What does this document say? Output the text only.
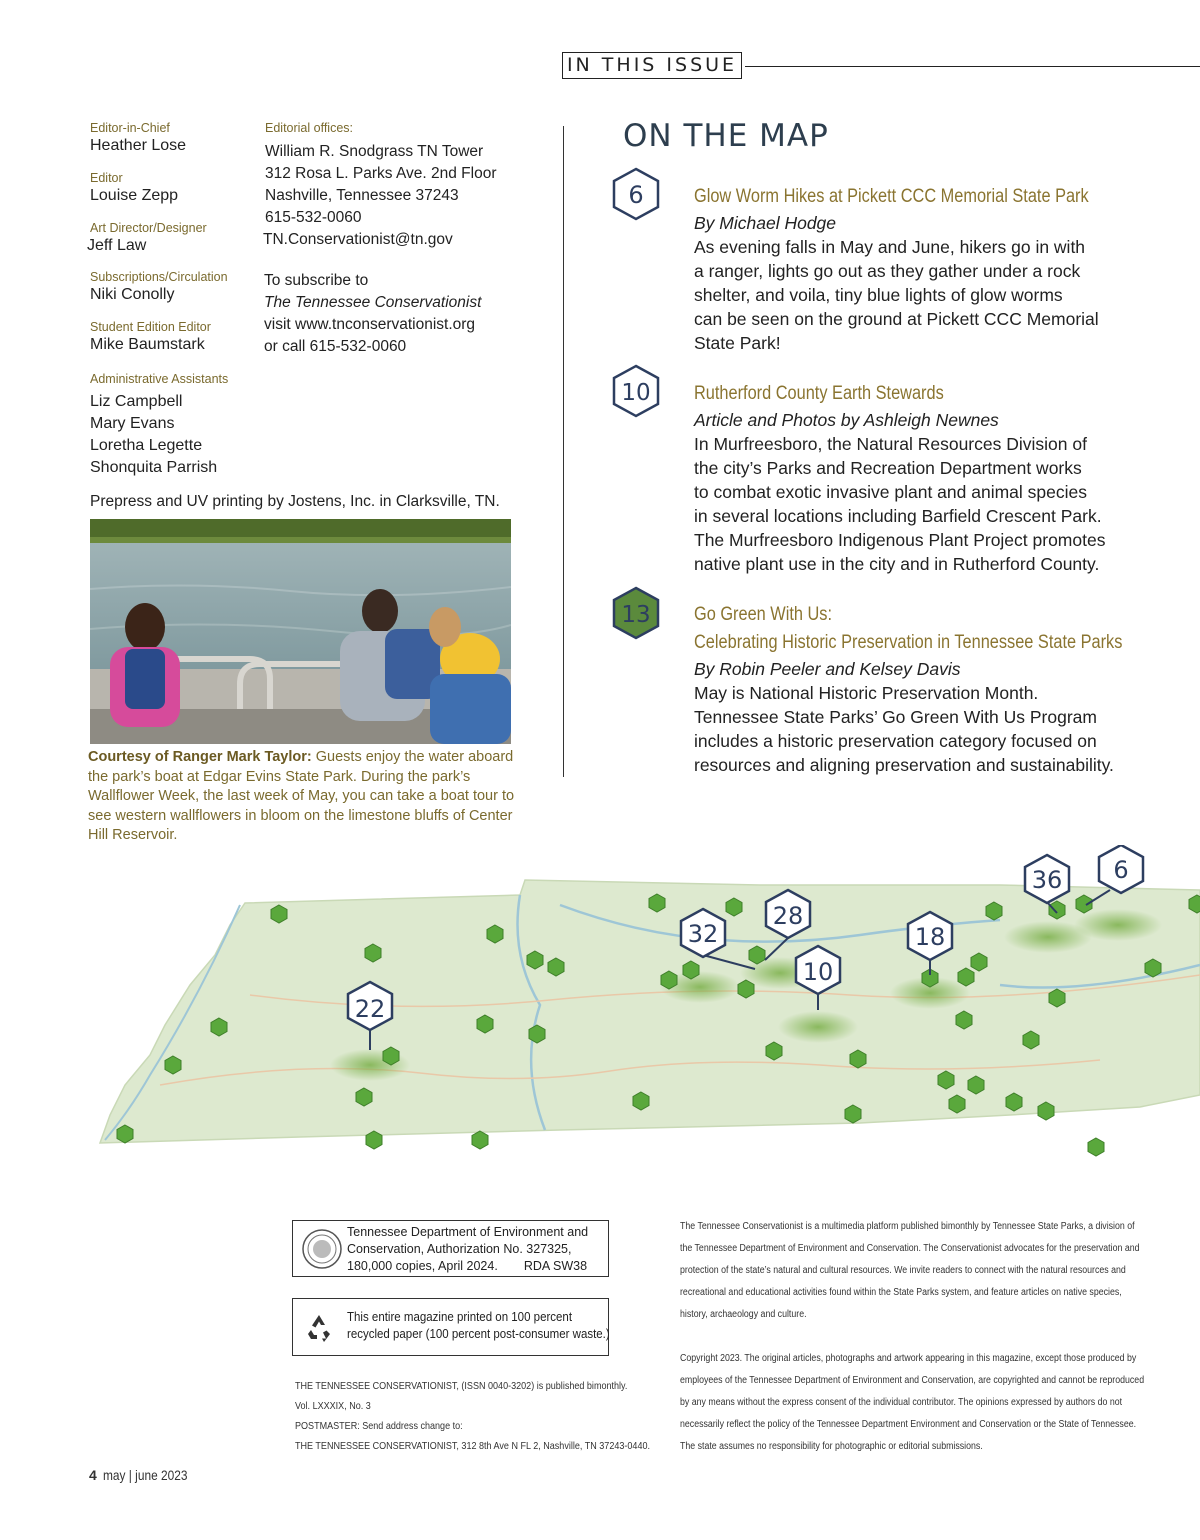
IN THIS ISSUE
Editor-in-Chief
Heather Lose
Editor
Louise Zepp
Art Director/Designer
Jeff Law
Subscriptions/Circulation
Niki Conolly
Student Edition Editor
Mike Baumstark
Administrative Assistants
Liz Campbell
Mary Evans
Loretha Legette
Shonquita Parrish
Editorial offices:
William R. Snodgrass TN Tower
312 Rosa L. Parks Ave. 2nd Floor
Nashville, Tennessee 37243
615-532-0060
TN.Conservationist@tn.gov
To subscribe to
The Tennessee Conservationist
visit www.tnconservationist.org
or call 615-532-0060
Prepress and UV printing by Jostens, Inc. in Clarksville, TN.
Courtesy of Ranger Mark Taylor: Guests enjoy the water aboard the park’s boat at Edgar Evins State Park. During the park’s Wallflower Week, the last week of May, you can take a boat tour to see western wallflowers in bloom on the limestone bluffs of Center Hill Reservoir.
ON THE MAP
6	Glow Worm Hikes at Pickett CCC Memorial State Park
By Michael Hodge
As evening falls in May and June, hikers go in with
a ranger, lights go out as they gather under a rock
shelter, and voila, tiny blue lights of glow worms
can be seen on the ground at Pickett CCC Memorial
State Park!
10 Rutherford County Earth Stewards
Article and Photos by Ashleigh Newnes
In Murfreesboro, the Natural Resources Division of
the city’s Parks and Recreation Department works
to combat exotic invasive plant and animal species
in several locations including Barfield Crescent Park.
The Murfreesboro Indigenous Plant Project promotes
native plant use in the city and in Rutherford County.
13 Go Green With Us:
Celebrating Historic Preservation in Tennessee State Parks
By Robin Peeler and Kelsey Davis
May is National Historic Preservation Month.
Tennessee State Parks’ Go Green With Us Program
includes a historic preservation category focused on
resources and aligning preservation and sustainability.
22
32
28
10
18
36 6
Tennessee Department of Environment and
Conservation, Authorization No. 327325,
180,000 copies, April 2024. RDA SW38
This entire magazine printed on 100 percent
recycled paper (100 percent post-consumer waste.)
THE TENNESSEE CONSERVATIONIST, (ISSN 0040-3202) is published bimonthly.
Vol. LXXXIX, No. 3
POSTMASTER: Send address change to:
THE TENNESSEE CONSERVATIONIST, 312 8th Ave N FL 2, Nashville, TN 37243-0440.
The Tennessee Conservationist is a multimedia platform published bimonthly by Tennessee State Parks, a division of
the Tennessee Department of Environment and Conservation. The Conservationist advocates for the preservation and
protection of the state’s natural and cultural resources. We invite readers to connect with the natural resources and
recreational and educational activities found within the State Parks system, and feature articles on native species,
history, archaeology and culture.
Copyright 2023. The original articles, photographs and artwork appearing in this magazine, except those produced by
employees of the Tennessee Department of Environment and Conservation, are copyrighted and cannot be reproduced
by any means without the express consent of the individual contributor. The opinions expressed by authors do not
necessarily reflect the policy of the Tennessee Department Environment and Conservation or the State of Tennessee.
The state assumes no responsibility for photographic or editorial submissions.
4 may | june 2023
